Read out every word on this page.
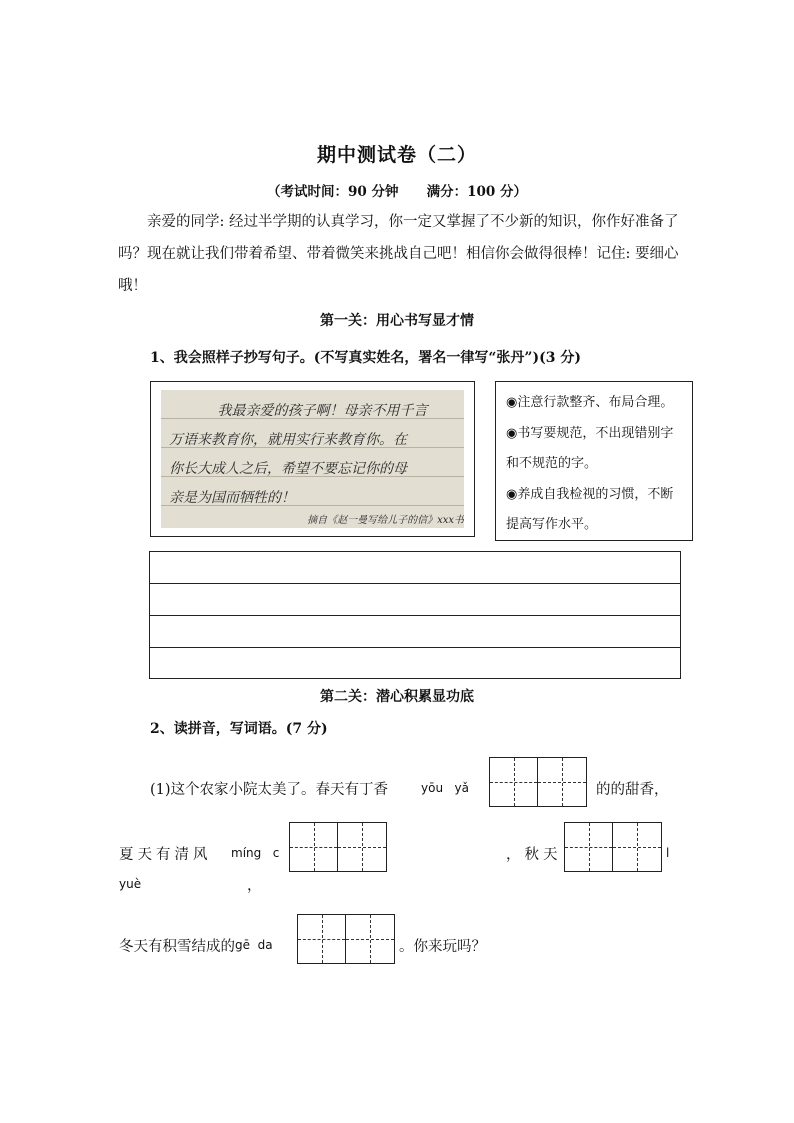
期中测试卷（二）
（考试时间：90 分钟      满分：100 分）
亲爱的同学: 经过半学期的认真学习，你一定又掌握了不少新的知识，你作好准备了吗？现在就让我们带着希望、带着微笑来挑战自己吧！相信你会做得很棒！记住: 要细心哦！
第一关：用心书写显才情
1、我会照样子抄写句子。(不写真实姓名，署名一律写“张丹”)(3 分)
我最亲爱的孩子啊！母亲不用千言
万语来教育你，就用实行来教育你。在
你长大成人之后，希望不要忘记你的母
亲是为国而牺牲的！
摘自《赵一曼写给儿子的信》xxx书
◉注意行款整齐、布局合理。
◉书写要规范，不出现错别字和不规范的字。
◉养成自我检视的习惯，不断提高写作水平。
第二关：潜心积累显功底
2、读拼音，写词语。(7 分)
(1)这个农家小院太美了。春天有丁香	yōu   yǎ	的的甜香，
夏天有清风 míng   c	，秋天	l
yuè	，
冬天有积雪结成的 gē  da	。你来玩吗？
